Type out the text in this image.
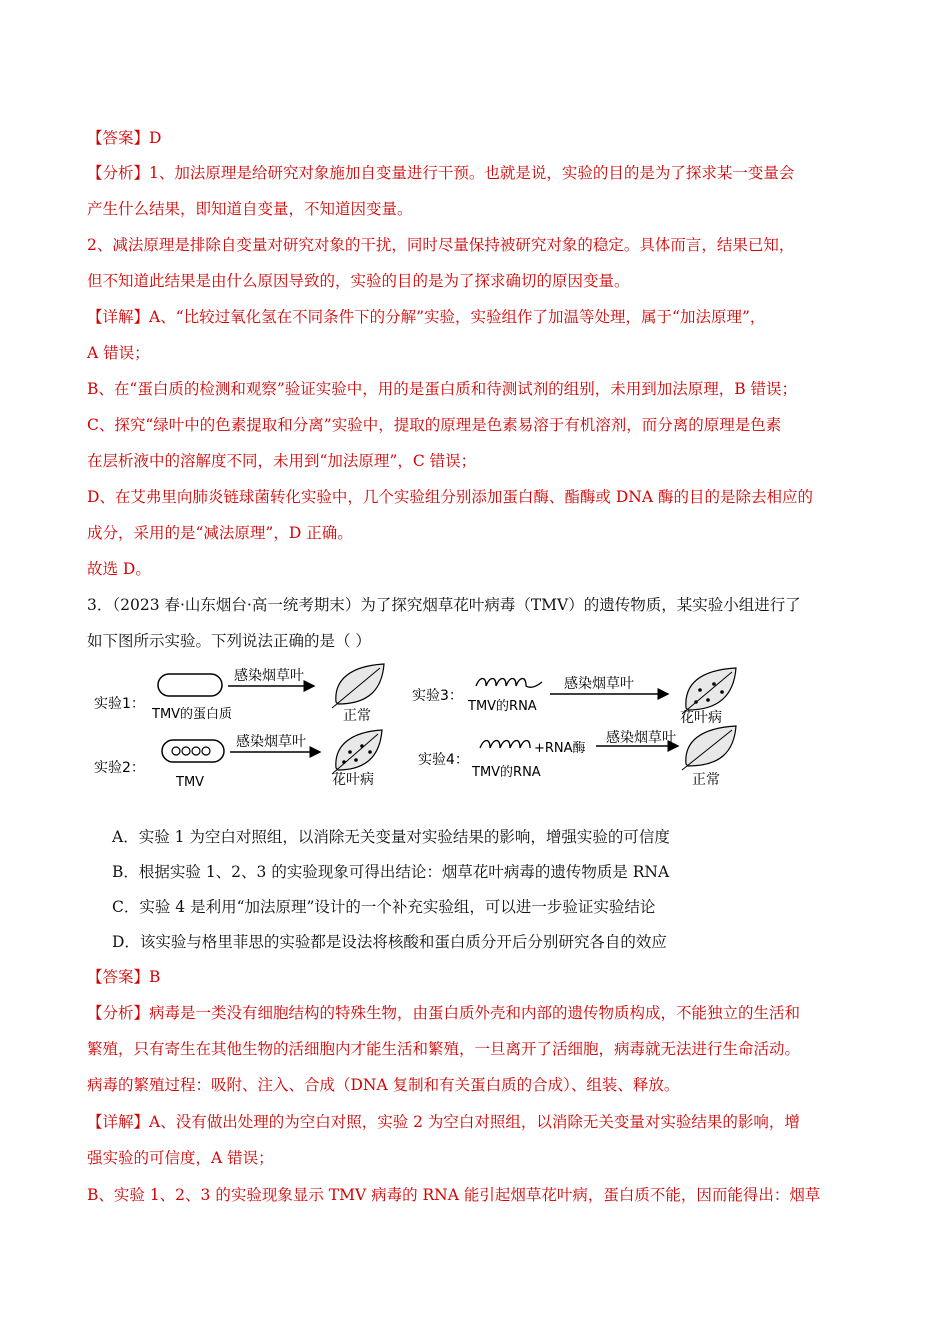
【答案】D
【分析】1、加法原理是给研究对象施加自变量进行干预。也就是说，实验的目的是为了探求某一变量会
产生什么结果，即知道自变量，不知道因变量。
2、减法原理是排除自变量对研究对象的干扰，同时尽量保持被研究对象的稳定。具体而言，结果已知，
但不知道此结果是由什么原因导致的，实验的目的是为了探求确切的原因变量。
【详解】A、“比较过氧化氢在不同条件下的分解”实验，实验组作了加温等处理，属于“加法原理”，
A 错误；
B、在“蛋白质的检测和观察”验证实验中，用的是蛋白质和待测试剂的组别，未用到加法原理，B 错误；
C、探究“绿叶中的色素提取和分离”实验中，提取的原理是色素易溶于有机溶剂，而分离的原理是色素
在层析液中的溶解度不同，未用到“加法原理”，C 错误；
D、在艾弗里向肺炎链球菌转化实验中，几个实验组分别添加蛋白酶、酯酶或 DNA 酶的目的是除去相应的
成分，采用的是“减法原理”，D 正确。
故选 D。
3．（2023 春·山东烟台·高一统考期末）为了探究烟草花叶病毒（TMV）的遗传物质，某实验小组进行了
如下图所示实验。下列说法正确的是（ ）
实验1：
TMV的蛋白质
感染烟草叶
正常
实验2：
TMV
感染烟草叶
花叶病
实验3：
TMV的RNA
感染烟草叶
花叶病
实验4：
+RNA酶
TMV的RNA
感染烟草叶
正常
A．实验 1 为空白对照组，以消除无关变量对实验结果的影响，增强实验的可信度
B．根据实验 1、2、3 的实验现象可得出结论：烟草花叶病毒的遗传物质是 RNA
C．实验 4 是利用“加法原理”设计的一个补充实验组，可以进一步验证实验结论
D．该实验与格里菲思的实验都是设法将核酸和蛋白质分开后分别研究各自的效应
【答案】B
【分析】病毒是一类没有细胞结构的特殊生物，由蛋白质外壳和内部的遗传物质构成，不能独立的生活和
繁殖，只有寄生在其他生物的活细胞内才能生活和繁殖，一旦离开了活细胞，病毒就无法进行生命活动。
病毒的繁殖过程：吸附、注入、合成（DNA 复制和有关蛋白质的合成）、组装、释放。
【详解】A、没有做出处理的为空白对照，实验 2 为空白对照组，以消除无关变量对实验结果的影响，增
强实验的可信度，A 错误；
B、实验 1、2、3 的实验现象显示 TMV 病毒的 RNA 能引起烟草花叶病，蛋白质不能，因而能得出：烟草
